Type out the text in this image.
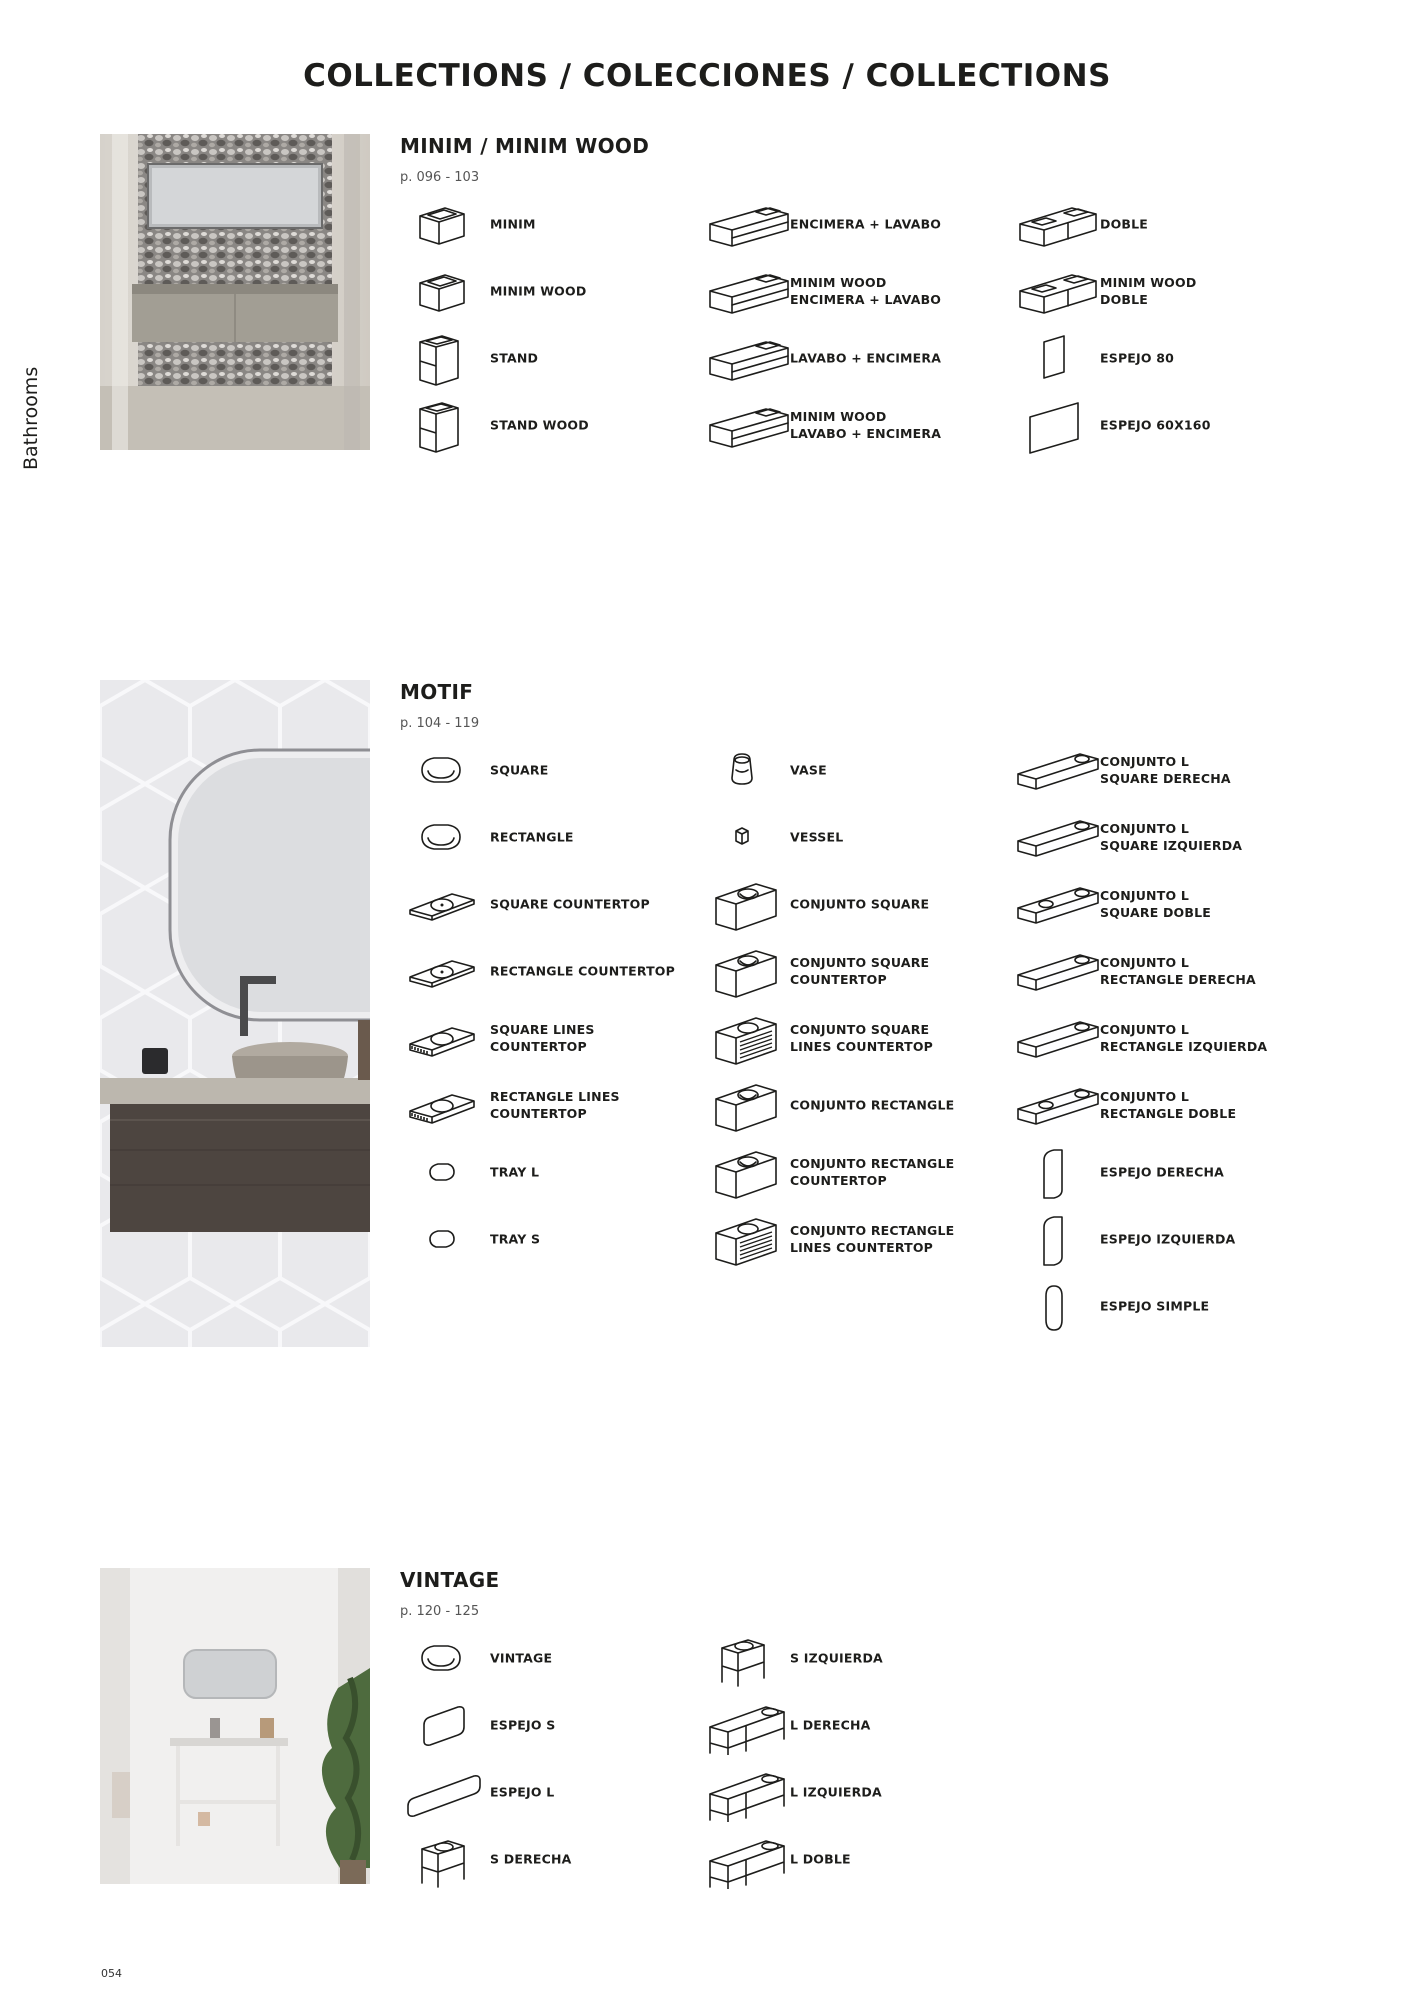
COLLECTIONS / COLECCIONES / COLLECTIONS
Bathrooms
MINIM / MINIM WOOD
p. 096 - 103
MINIM
MINIM WOOD
STAND
STAND WOOD
ENCIMERA + LAVABO
MINIM WOOD
ENCIMERA + LAVABO
LAVABO + ENCIMERA
MINIM WOOD
LAVABO + ENCIMERA
DOBLE
MINIM WOOD
DOBLE
ESPEJO 80
ESPEJO 60X160
MOTIF
p. 104 - 119
SQUARE
RECTANGLE
SQUARE COUNTERTOP
RECTANGLE COUNTERTOP
SQUARE LINES
COUNTERTOP
RECTANGLE LINES
COUNTERTOP
TRAY L
TRAY S
VASE
VESSEL
CONJUNTO SQUARE
CONJUNTO SQUARE
COUNTERTOP
CONJUNTO SQUARE
LINES COUNTERTOP
CONJUNTO RECTANGLE
CONJUNTO RECTANGLE
COUNTERTOP
CONJUNTO RECTANGLE
LINES COUNTERTOP
CONJUNTO L
SQUARE DERECHA
CONJUNTO L
SQUARE IZQUIERDA
CONJUNTO L
SQUARE DOBLE
CONJUNTO L
RECTANGLE DERECHA
CONJUNTO L
RECTANGLE IZQUIERDA
CONJUNTO L
RECTANGLE DOBLE
ESPEJO DERECHA
ESPEJO IZQUIERDA
ESPEJO SIMPLE
VINTAGE
p. 120 - 125
VINTAGE
ESPEJO S
ESPEJO L
S DERECHA
S IZQUIERDA
L DERECHA
L IZQUIERDA
L DOBLE
054
